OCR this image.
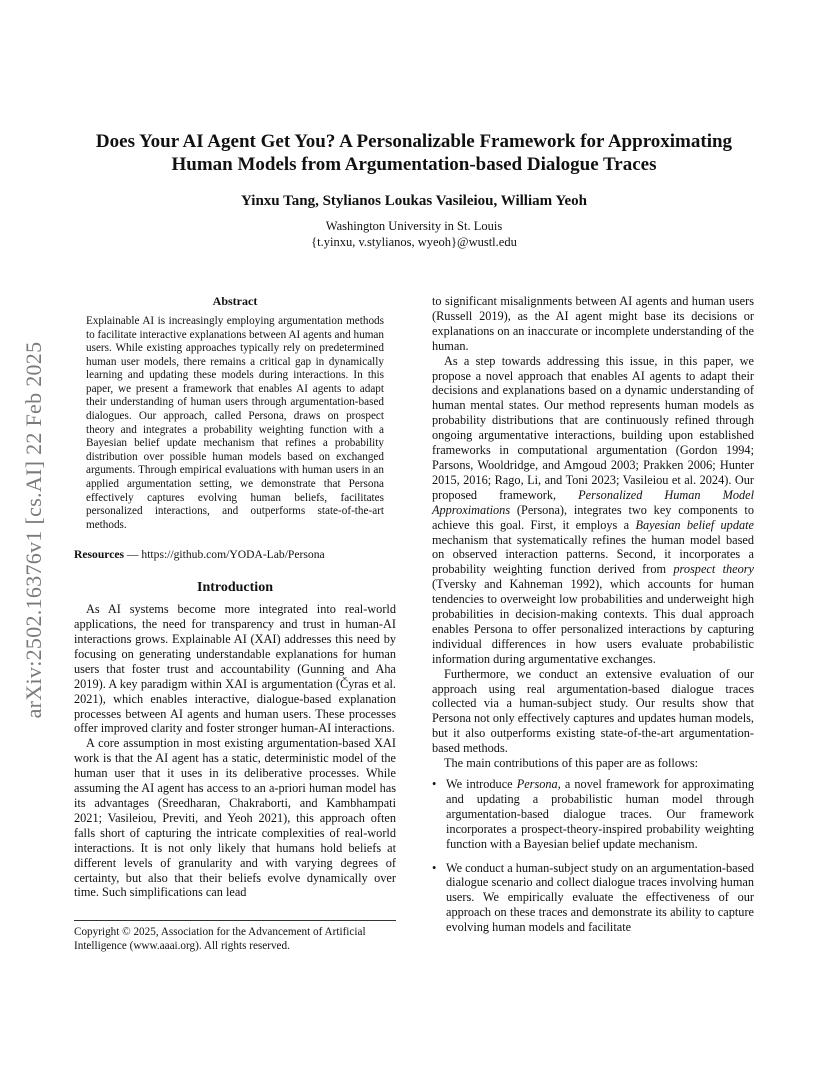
arXiv:2502.16376v1 [cs.AI] 22 Feb 2025
Does Your AI Agent Get You? A Personalizable Framework for Approximating
Human Models from Argumentation-based Dialogue Traces
Yinxu Tang, Stylianos Loukas Vasileiou, William Yeoh
Washington University in St. Louis
{t.yinxu, v.stylianos, wyeoh}@wustl.edu
Abstract

Explainable AI is increasingly employing argumentation methods to facilitate interactive explanations between AI agents and human users. While existing approaches typically rely on predetermined human user models, there remains a critical gap in dynamically learning and updating these models during interactions. In this paper, we present a framework that enables AI agents to adapt their understanding of human users through argumentation-based dialogues. Our approach, called Persona, draws on prospect theory and integrates a probability weighting function with a Bayesian belief update mechanism that refines a probability distribution over possible human models based on exchanged arguments. Through empirical evaluations with human users in an applied argumentation setting, we demonstrate that Persona effectively captures evolving human beliefs, facilitates personalized interactions, and outperforms state-of-the-art methods.

Resources — https://github.com/YODA-Lab/Persona

Introduction

As AI systems become more integrated into real-world applications, the need for transparency and trust in human-AI interactions grows. Explainable AI (XAI) addresses this need by focusing on generating understandable explanations for human users that foster trust and accountability (Gunning and Aha 2019). A key paradigm within XAI is argumentation (Čyras et al. 2021), which enables interactive, dialogue-based explanation processes between AI agents and human users. These processes offer improved clarity and foster stronger human-AI interactions.

A core assumption in most existing argumentation-based XAI work is that the AI agent has a static, deterministic model of the human user that it uses in its deliberative processes. While assuming the AI agent has access to an a-priori human model has its advantages (Sreedharan, Chakraborti, and Kambhampati 2021; Vasileiou, Previti, and Yeoh 2021), this approach often falls short of capturing the intricate complexities of real-world interactions. It is not only likely that humans hold beliefs at different levels of granularity and with varying degrees of certainty, but also that their beliefs evolve dynamically over time. Such simplifications can lead

Copyright © 2025, Association for the Advancement of Artificial Intelligence (www.aaai.org). All rights reserved.

to significant misalignments between AI agents and human users (Russell 2019), as the AI agent might base its decisions or explanations on an inaccurate or incomplete understanding of the human.

As a step towards addressing this issue, in this paper, we propose a novel approach that enables AI agents to adapt their decisions and explanations based on a dynamic understanding of human mental states. Our method represents human models as probability distributions that are continuously refined through ongoing argumentative interactions, building upon established frameworks in computational argumentation (Gordon 1994; Parsons, Wooldridge, and Amgoud 2003; Prakken 2006; Hunter 2015, 2016; Rago, Li, and Toni 2023; Vasileiou et al. 2024). Our proposed framework, Personalized Human Model Approximations (Persona), integrates two key components to achieve this goal. First, it employs a Bayesian belief update mechanism that systematically refines the human model based on observed interaction patterns. Second, it incorporates a probability weighting function derived from prospect theory (Tversky and Kahneman 1992), which accounts for human tendencies to overweight low probabilities and underweight high probabilities in decision-making contexts. This dual approach enables Persona to offer personalized interactions by capturing individual differences in how users evaluate probabilistic information during argumentative exchanges.

Furthermore, we conduct an extensive evaluation of our approach using real argumentation-based dialogue traces collected via a human-subject study. Our results show that Persona not only effectively captures and updates human models, but it also outperforms existing state-of-the-art argumentation-based methods.

The main contributions of this paper are as follows:

• We introduce Persona, a novel framework for approximating and updating a probabilistic human model through argumentation-based dialogue traces. Our framework incorporates a prospect-theory-inspired probability weighting function with a Bayesian belief update mechanism.
• We conduct a human-subject study on an argumentation-based dialogue scenario and collect dialogue traces involving human users. We empirically evaluate the effectiveness of our approach on these traces and demonstrate its ability to capture evolving human models and facilitate
